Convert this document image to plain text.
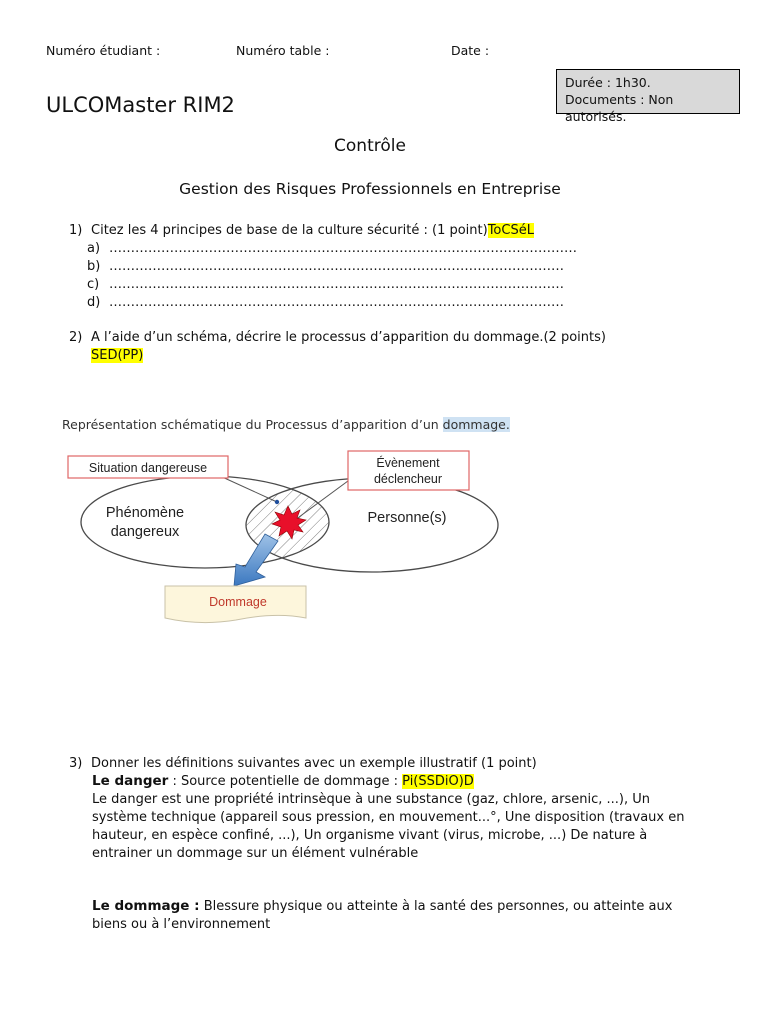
Numéro étudiant :	Numéro table :	Date :
Durée : 1h30.
Documents : Non autorisés.
ULCOMaster RIM2
Contrôle
Gestion des Risques Professionnels en Entreprise
1) Citez les 4 principes de base de la culture sécurité : (1 point)ToCSéL
a) ………………………………………………………………………………………………
b) ……………………………………………………………………………………………
c) ……………………………………………………………………………………………
d) ……………………………………………………………………………………………
2) A l’aide d’un schéma, décrire le processus d’apparition du dommage.(2 points)
SED(PP)
Représentation schématique du Processus d’apparition d’un dommage.
Situation dangereuse	Évènement
déclencheur
Phénomène
dangereux
Personne(s)
Dommage
3) Donner les définitions suivantes avec un exemple illustratif (1 point)
Le danger : Source potentielle de dommage : Pi(SSDiO)D
Le danger est une propriété intrinsèque à une substance (gaz, chlore, arsenic, ...), Un système technique (appareil sous pression, en mouvement...°, Une disposition (travaux en hauteur, en espèce confiné, ...), Un organisme vivant (virus, microbe, ...) De nature à entrainer un dommage sur un élément vulnérable
Le dommage : Blessure physique ou atteinte à la santé des personnes, ou atteinte aux biens ou à l’environnement
